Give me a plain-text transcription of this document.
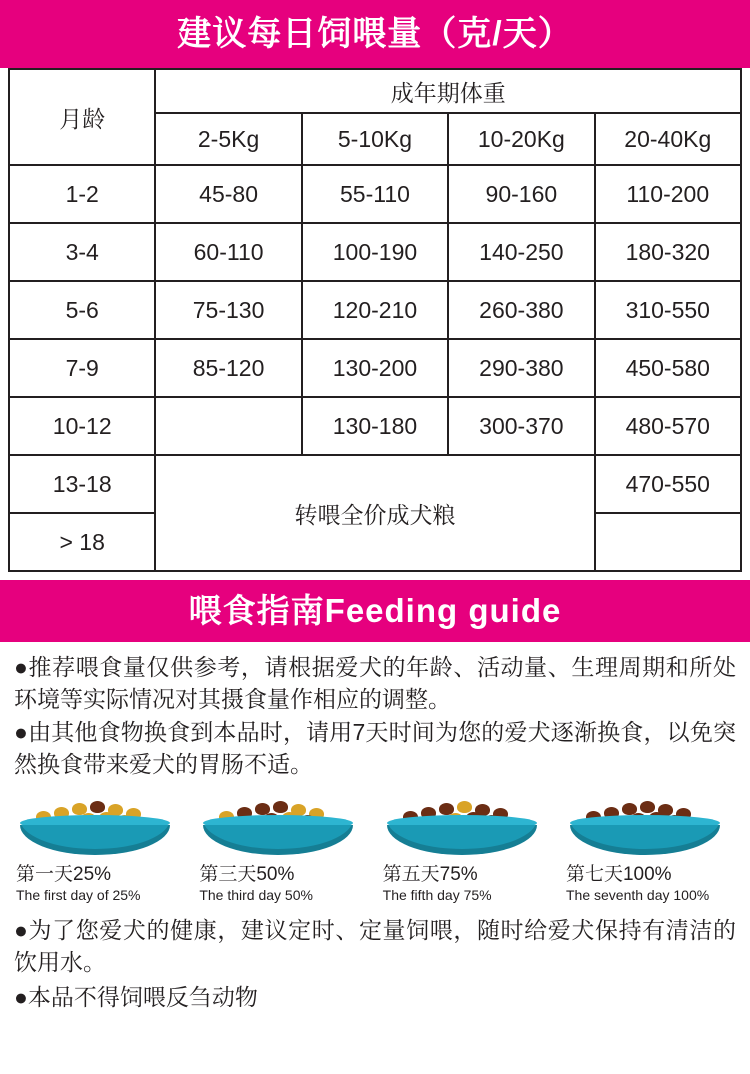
建议每日饲喂量（克/天）
月龄	成年期体重			
	2-5Kg	5-10Kg	10-20Kg	20-40Kg
1-2	45-80	55-110	90-160	110-200
3-4	60-110	100-190	140-250	180-320
5-6	75-130	120-210	260-380	310-550
7-9	85-120	130-200	290-380	450-580
10-12		130-180	300-370	480-570
13-18	转喂全价成犬粮			470-550
> 18				
喂食指南Feeding guide

●推荐喂食量仅供参考，请根据爱犬的年龄、活动量、生理周期和所处环境等实际情况对其摄食量作相应的调整。

●由其他食物换食到本品时，请用7天时间为您的爱犬逐渐换食，以免突然换食带来爱犬的胃肠不适。

第一天25%
The first day of 25%
第三天50%
The third day 50%
第五天75%
The fifth day 75%
第七天100%
The seventh day 100%

●为了您爱犬的健康，建议定时、定量饲喂，随时给爱犬保持有清洁的饮用水。

●本品不得饲喂反刍动物
